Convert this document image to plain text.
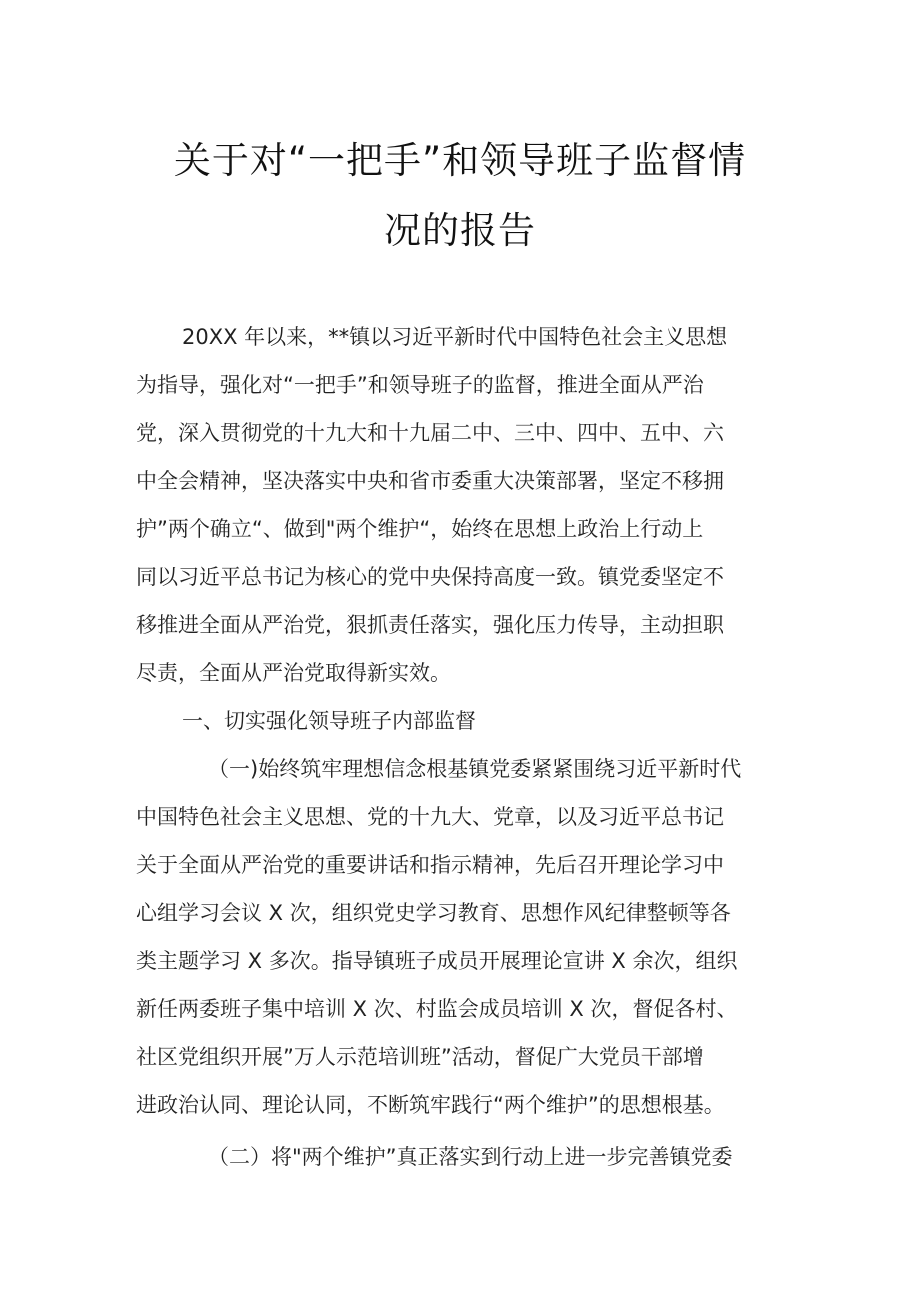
关于对“一把手”和领导班子监督情
况的报告
20XX 年以来，**镇以习近平新时代中国特色社会主义思想
为指导，强化对“一把手”和领导班子的监督，推进全面从严治
党，深入贯彻党的十九大和十九届二中、三中、四中、五中、六
中全会精神，坚决落实中央和省市委重大决策部署，坚定不移拥
护”两个确立“、做到"两个维护“，始终在思想上政治上行动上
同以习近平总书记为核心的党中央保持高度一致。镇党委坚定不
移推进全面从严治党，狠抓责任落实，强化压力传导，主动担职
尽责，全面从严治党取得新实效。
一、切实强化领导班子内部监督
（一)始终筑牢理想信念根基镇党委紧紧围绕习近平新时代
中国特色社会主义思想、党的十九大、党章，以及习近平总书记
关于全面从严治党的重要讲话和指示精神，先后召开理论学习中
心组学习会议 X 次，组织党史学习教育、思想作风纪律整顿等各
类主题学习 X 多次。指导镇班子成员开展理论宣讲 X 余次，组织
新任两委班子集中培训 X 次、村监会成员培训 X 次，督促各村、
社区党组织开展”万人示范培训班”活动，督促广大党员干部增
进政治认同、理论认同，不断筑牢践行“两个维护”的思想根基。
（二）将"两个维护”真正落实到行动上进一步完善镇党委
